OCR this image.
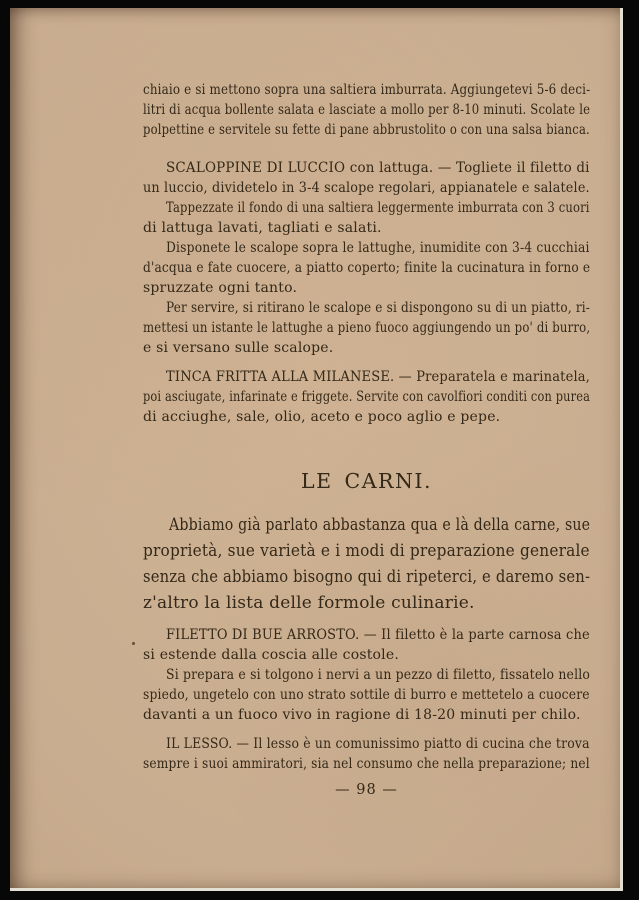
chiaio e si mettono sopra una saltiera imburrata. Aggiungetevi 5-6 deci-
litri di acqua bollente salata e lasciate a mollo per 8-10 minuti. Scolate le
polpettine e servitele su fette di pane abbrustolito o con una salsa bianca.
SCALOPPINE DI LUCCIO con lattuga. — Togliete il filetto di
un luccio, dividetelo in 3-4 scalope regolari, appianatele e salatele.
Tappezzate il fondo di una saltiera leggermente imburrata con 3 cuori
di lattuga lavati, tagliati e salati.
Disponete le scalope sopra le lattughe, inumidite con 3-4 cucchiai
d'acqua e fate cuocere, a piatto coperto; finite la cucinatura in forno e
spruzzate ogni tanto.
Per servire, si ritirano le scalope e si dispongono su di un piatto, ri-
mettesi un istante le lattughe a pieno fuoco aggiungendo un po' di burro,
e si versano sulle scalope.
TINCA FRITTA ALLA MILANESE. — Preparatela e marinatela,
poi asciugate, infarinate e friggete. Servite con cavolfiori conditi con purea
di acciughe, sale, olio, aceto e poco aglio e pepe.
LE CARNI.
Abbiamo già parlato abbastanza qua e là della carne, sue
proprietà, sue varietà e i modi di preparazione generale
senza che abbiamo bisogno qui di ripeterci, e daremo sen-
z'altro la lista delle formole culinarie.
FILETTO DI BUE ARROSTO. — Il filetto è la parte carnosa che
si estende dalla coscia alle costole.
Si prepara e si tolgono i nervi a un pezzo di filetto, fissatelo nello
spiedo, ungetelo con uno strato sottile di burro e mettetelo a cuocere
davanti a un fuoco vivo in ragione di 18-20 minuti per chilo.
IL LESSO. — Il lesso è un comunissimo piatto di cucina che trova
sempre i suoi ammiratori, sia nel consumo che nella preparazione; nel
— 98 —
